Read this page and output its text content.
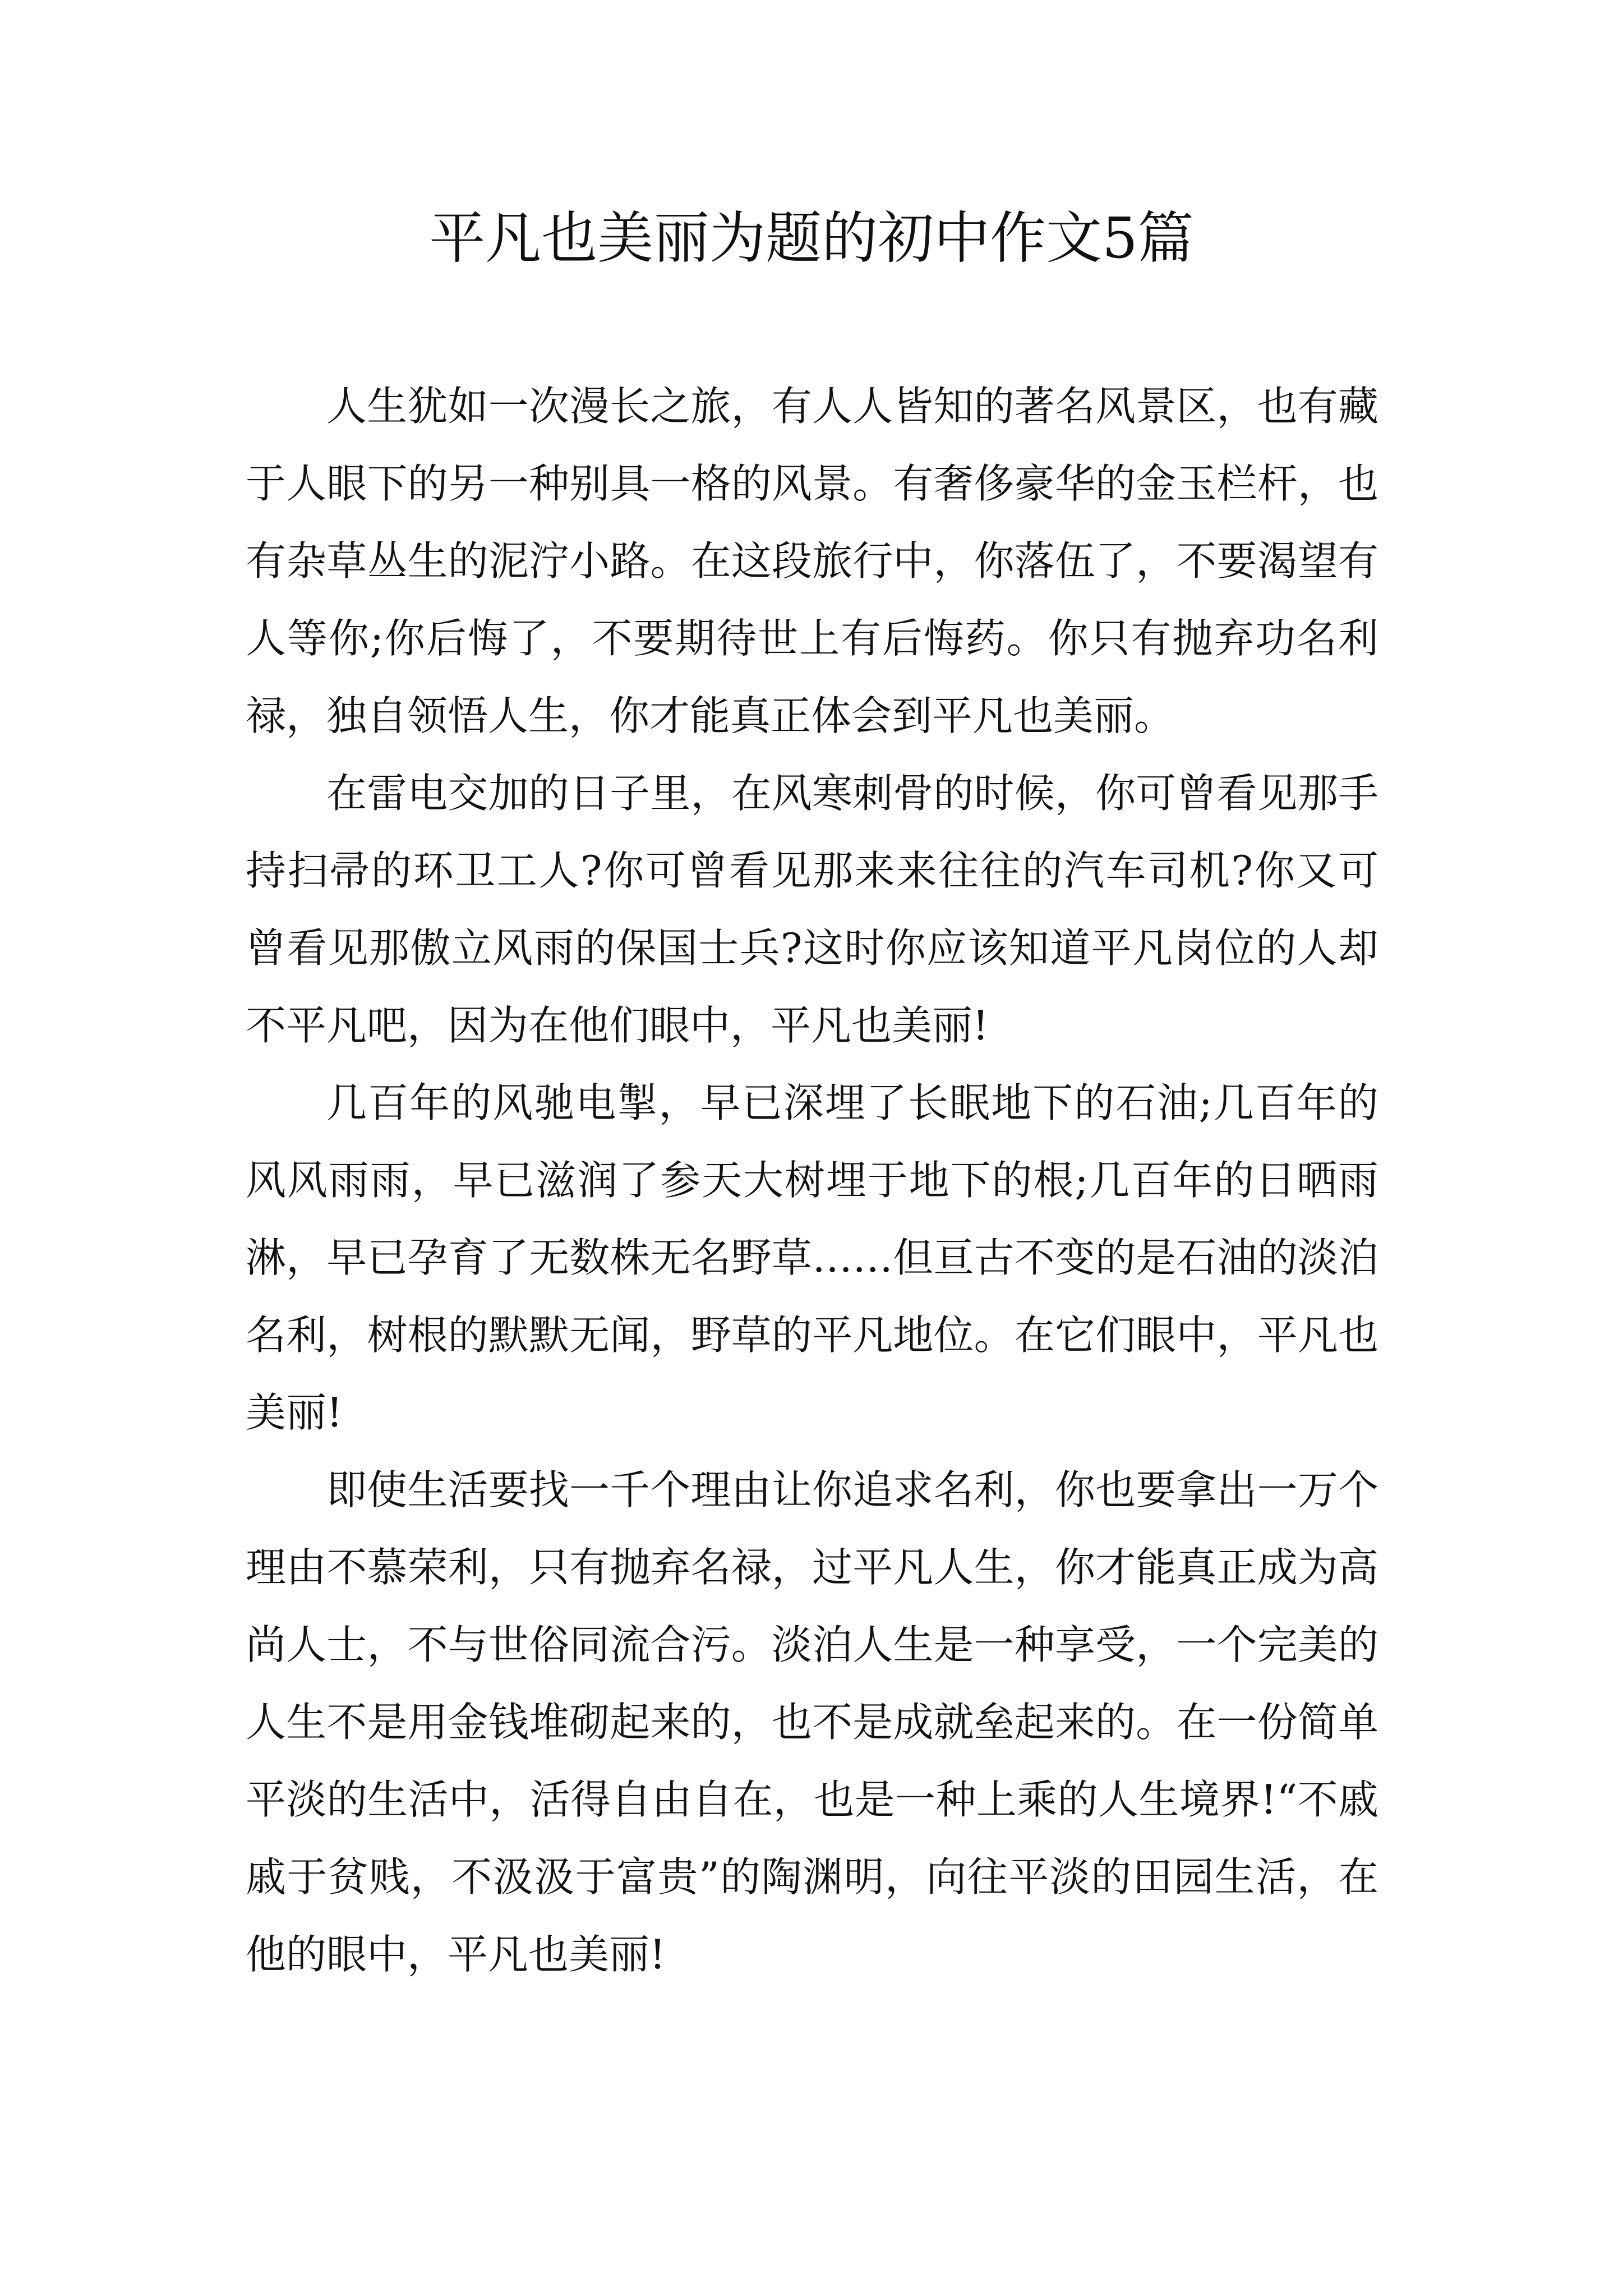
平凡也美丽为题的初中作文5篇

人生犹如一次漫长之旅，有人人皆知的著名风景区，也有藏于人眼下的另一种别具一格的风景。有奢侈豪华的金玉栏杆，也有杂草丛生的泥泞小路。在这段旅行中，你落伍了，不要渴望有人等你;你后悔了，不要期待世上有后悔药。你只有抛弃功名利禄，独自领悟人生，你才能真正体会到平凡也美丽。

在雷电交加的日子里，在风寒刺骨的时候，你可曾看见那手持扫帚的环卫工人?你可曾看见那来来往往的汽车司机?你又可曾看见那傲立风雨的保国士兵?这时你应该知道平凡岗位的人却不平凡吧，因为在他们眼中，平凡也美丽!

几百年的风驰电掣，早已深埋了长眠地下的石油;几百年的风风雨雨，早已滋润了参天大树埋于地下的根;几百年的日晒雨淋，早已孕育了无数株无名野草……但亘古不变的是石油的淡泊名利，树根的默默无闻，野草的平凡地位。在它们眼中，平凡也美丽!

即使生活要找一千个理由让你追求名利，你也要拿出一万个理由不慕荣利，只有抛弃名禄，过平凡人生，你才能真正成为高尚人士，不与世俗同流合污。淡泊人生是一种享受，一个完美的人生不是用金钱堆砌起来的，也不是成就垒起来的。在一份简单平淡的生活中，活得自由自在，也是一种上乘的人生境界!“不戚戚于贫贱，不汲汲于富贵”的陶渊明，向往平淡的田园生活，在他的眼中，平凡也美丽!
